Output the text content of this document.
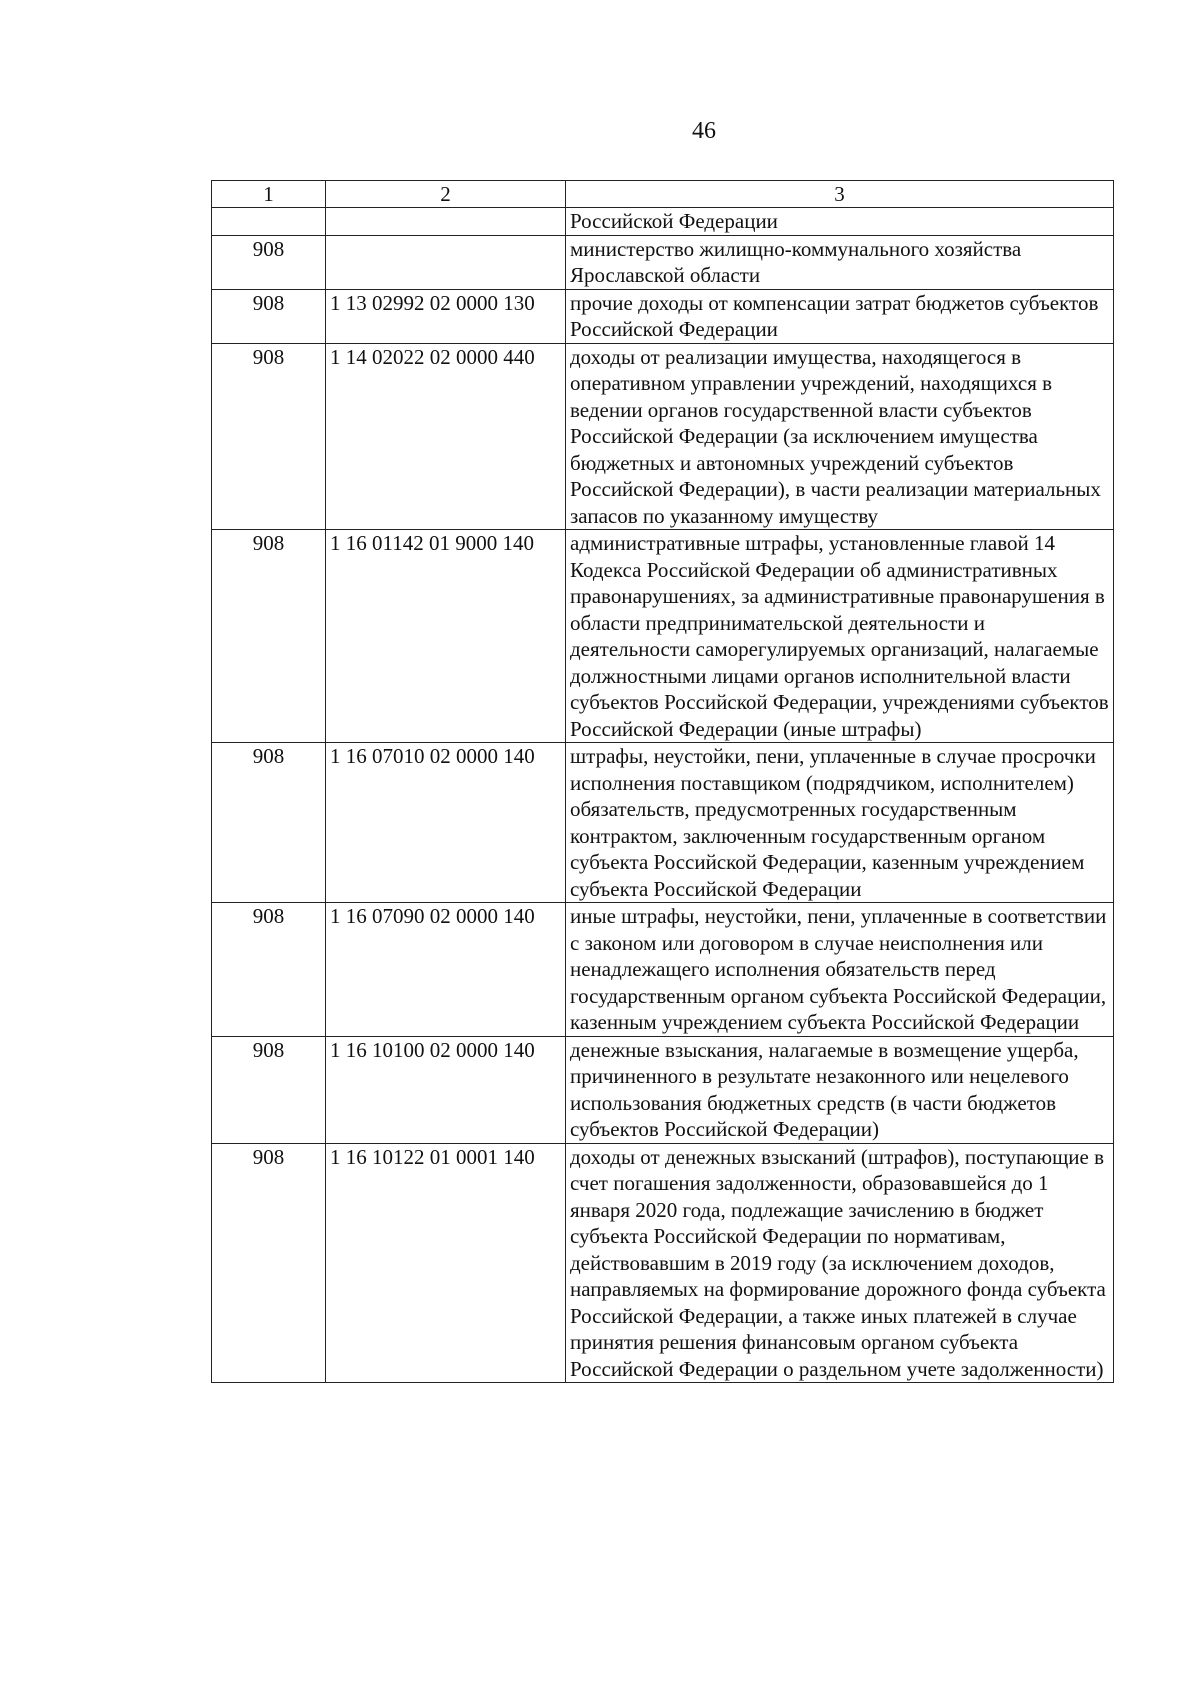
46
1	2	3
		Российской Федерации
908		министерство жилищно-коммунального хозяйства Ярославской области
908	1 13 02992 02 0000 130	прочие доходы от компенсации затрат бюджетов субъектов Российской Федерации
908	1 14 02022 02 0000 440	доходы от реализации имущества, находящегося в оперативном управлении учреждений, находящихся в ведении органов государственной власти субъектов Российской Федерации (за исключением имущества бюджетных и автономных учреждений субъектов Российской Федерации), в части реализации материальных запасов по указанному имуществу
908	1 16 01142 01 9000 140	административные штрафы, установленные главой 14 Кодекса Российской Федерации об административных правонарушениях, за административные правонарушения в области предпринимательской деятельности и деятельности саморегулируемых организаций, налагаемые должностными лицами органов исполнительной власти субъектов Российской Федерации, учреждениями субъектов Российской Федерации (иные штрафы)
908	1 16 07010 02 0000 140	штрафы, неустойки, пени, уплаченные в случае просрочки исполнения поставщиком (подрядчиком, исполнителем) обязательств, предусмотренных государственным контрактом, заключенным государственным органом субъекта Российской Федерации, казенным учреждением субъекта Российской Федерации
908	1 16 07090 02 0000 140	иные штрафы, неустойки, пени, уплаченные в соответствии с законом или договором в случае неисполнения или ненадлежащего исполнения обязательств перед государственным органом субъекта Российской Федерации, казенным учреждением субъекта Российской Федерации
908	1 16 10100 02 0000 140	денежные взыскания, налагаемые в возмещение ущерба, причиненного в результате незаконного или нецелевого использования бюджетных средств (в части бюджетов субъектов Российской Федерации)
908	1 16 10122 01 0001 140	доходы от денежных взысканий (штрафов), поступающие в счет погашения задолженности, образовавшейся до 1 января 2020 года, подлежащие зачислению в бюджет субъекта Российской Федерации по нормативам, действовавшим в 2019 году (за исключением доходов, направляемых на формирование дорожного фонда субъекта Российской Федерации, а также иных платежей в случае принятия решения финансовым органом субъекта Российской Федерации о раздельном учете задолженности)
